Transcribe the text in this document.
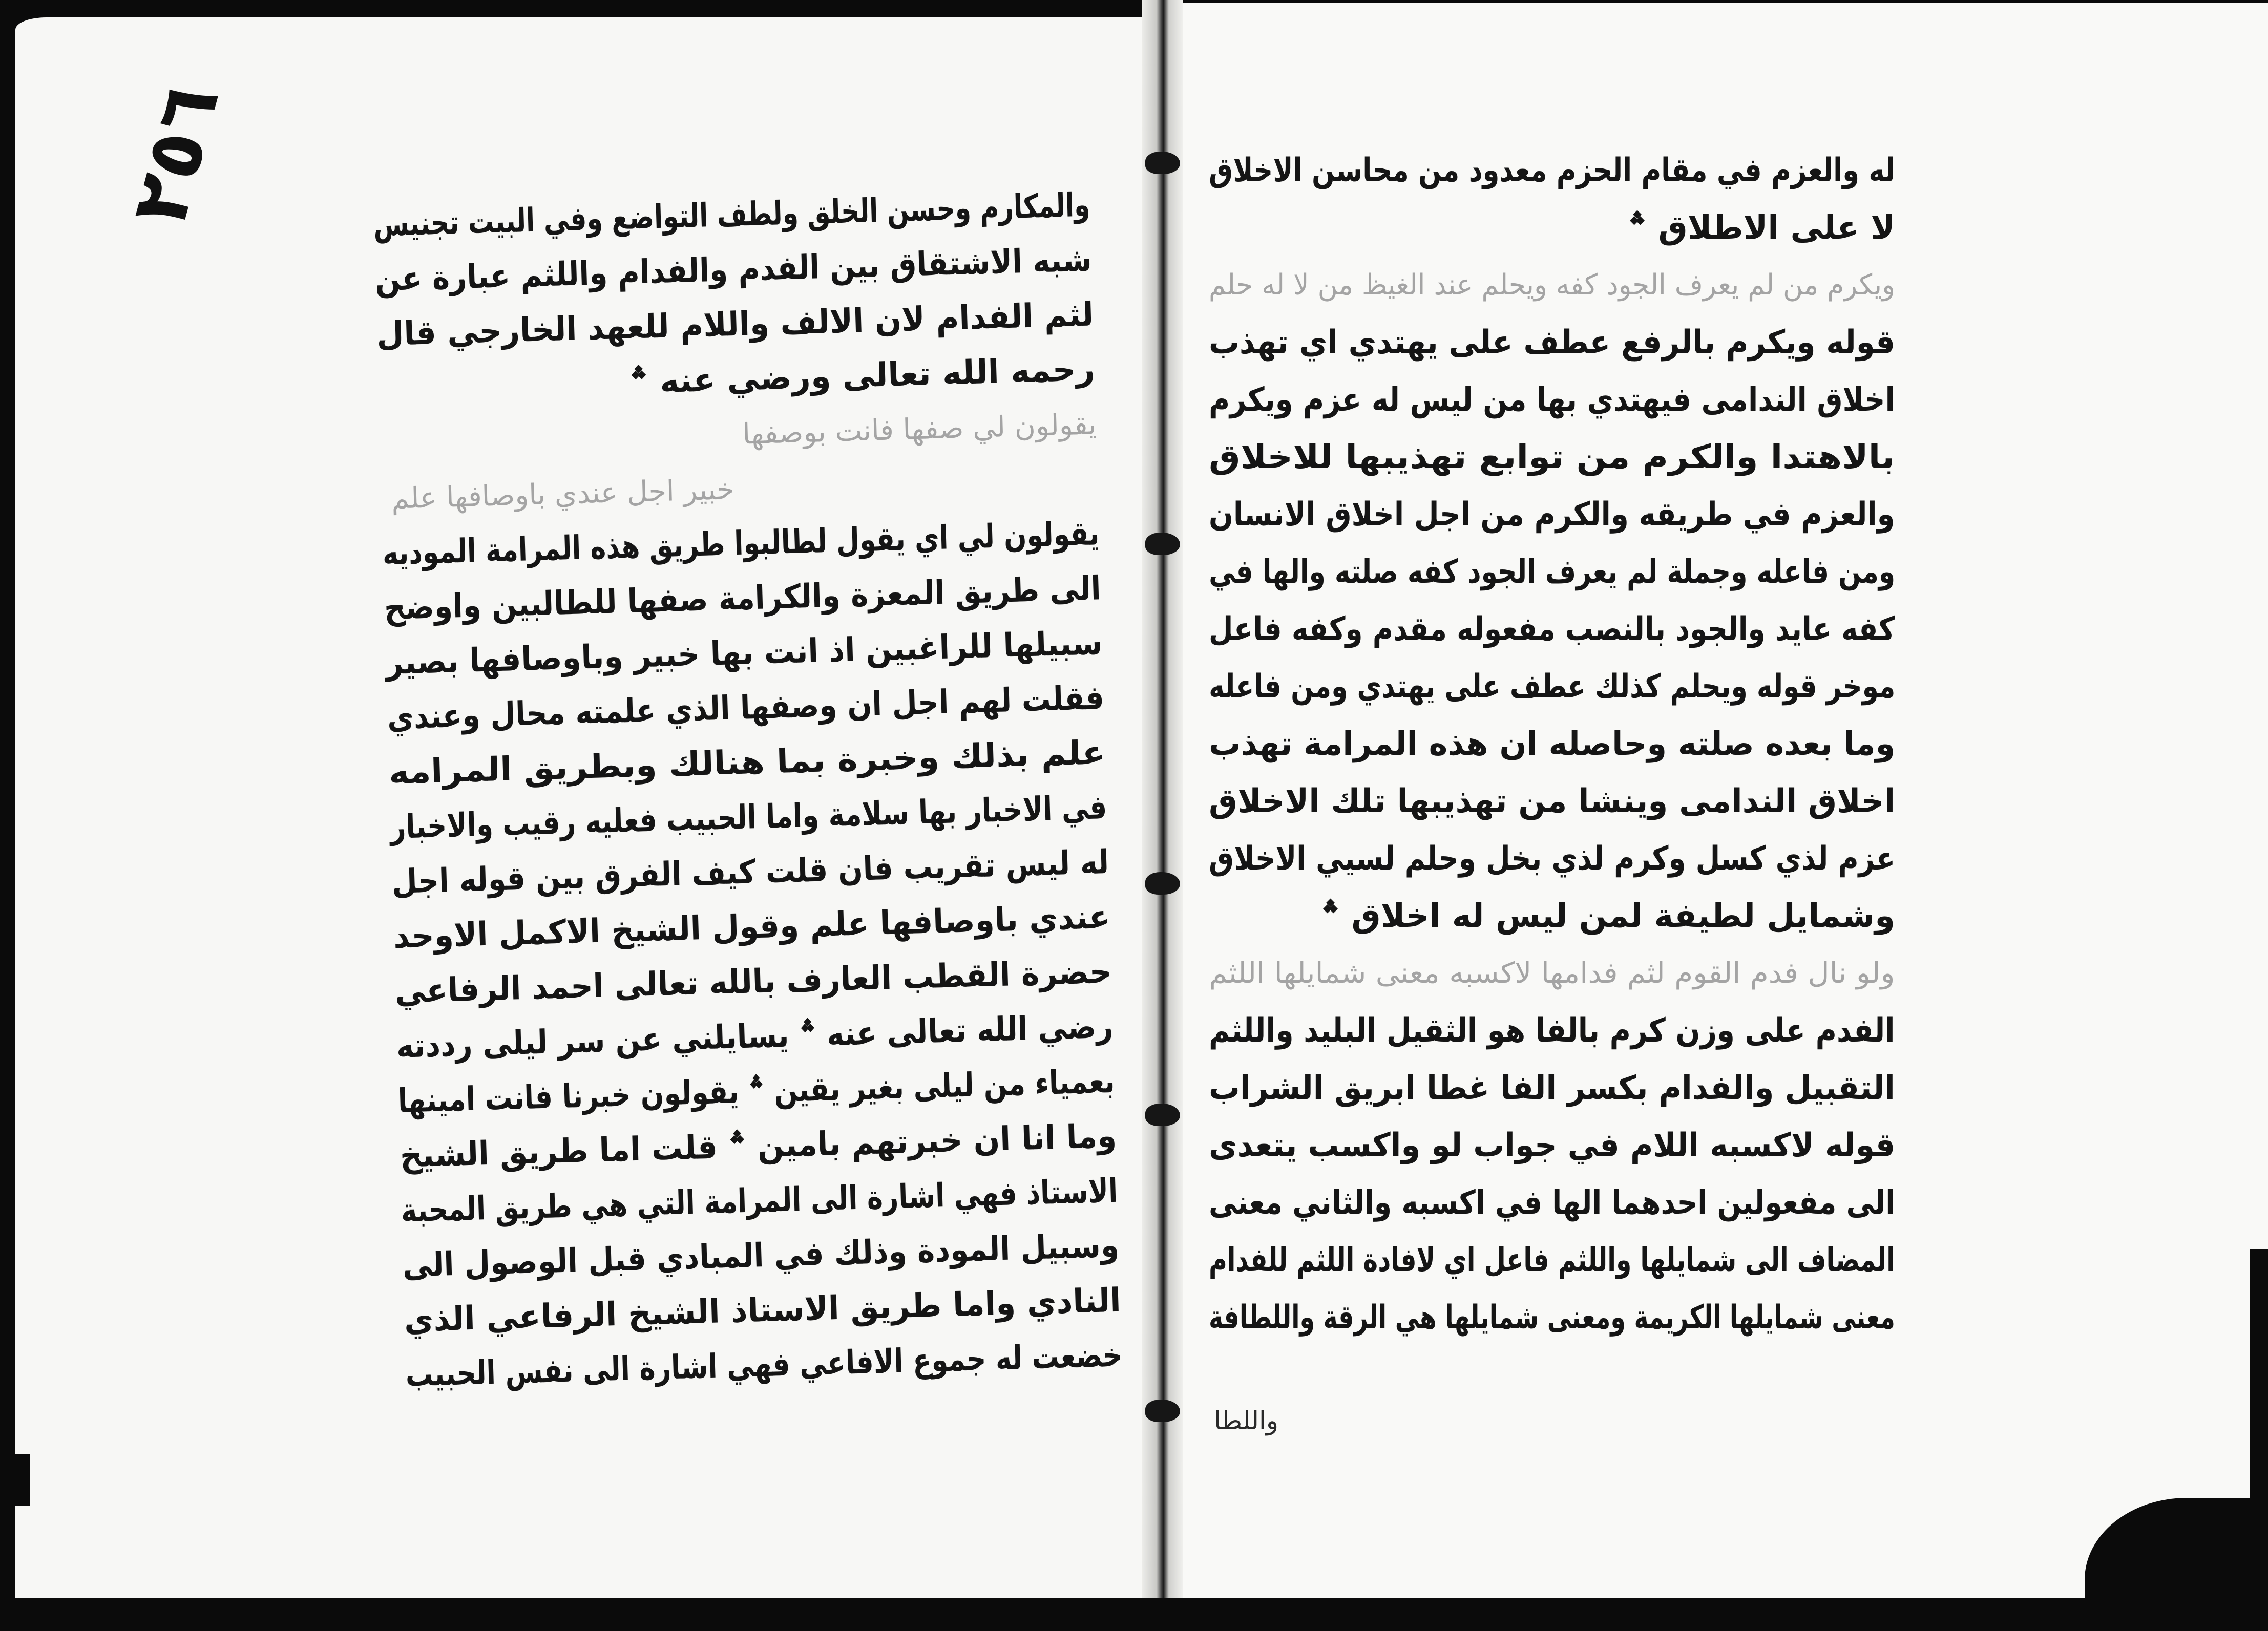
٢٥٦	والمكارم وحسن الخلق ولطف التواضع وفي البيت تجنيس
شبه الاشتقاق بين الفدم والفدام واللثم عبارة عن
لثم الفدام لان الالف واللام للعهد الخارجي قال
رحمه الله تعالى ورضي عنه ؞
يقولون لي صفها فانت بوصفها
خبير اجل عندي باوصافها علم
يقولون لي اي يقول لطالبوا طريق هذه المرامة الموديه
الى طريق المعزة والكرامة صفها للطالبين واوضح
سبيلها للراغبين اذ انت بها خبير وباوصافها بصير
فقلت لهم اجل ان وصفها الذي علمته محال وعندي
علم بذلك وخبرة بما هنالك وبطريق المرامه
في الاخبار بها سلامة واما الحبيب فعليه رقيب والاخبار
له ليس تقريب فان قلت كيف الفرق بين قوله اجل
عندي باوصافها علم وقول الشيخ الاكمل الاوحد
حضرة القطب العارف بالله تعالى احمد الرفاعي
رضي الله تعالى عنه ؞ يسايلني عن سر ليلى رددته
بعمياء من ليلى بغير يقين ؞ يقولون خبرنا فانت امينها
وما انا ان خبرتهم بامين ؞ قلت اما طريق الشيخ
الاستاذ فهي اشارة الى المرامة التي هي طريق المحبة
وسبيل المودة وذلك في المبادي قبل الوصول الى
النادي واما طريق الاستاذ الشيخ الرفاعي الذي
خضعت له جموع الافاعي فهي اشارة الى نفس الحبيب
له والعزم في مقام الحزم معدود من محاسن الاخلاق
لا على الاطلاق ؞
ويكرم من لم يعرف الجود كفه ويحلم عند الغيظ من لا له حلم
قوله ويكرم بالرفع عطف على يهتدي اي تهذب
اخلاق الندامى فيهتدي بها من ليس له عزم ويكرم
بالاهتدا والكرم من توابع تهذيبها للاخلاق
والعزم في طريقه والكرم من اجل اخلاق الانسان
ومن فاعله وجملة لم يعرف الجود كفه صلته والها في
كفه عايد والجود بالنصب مفعوله مقدم وكفه فاعل
موخر قوله ويحلم كذلك عطف على يهتدي ومن فاعله
وما بعده صلته وحاصله ان هذه المرامة تهذب
اخلاق الندامى وينشا من تهذيبها تلك الاخلاق
عزم لذي كسل وكرم لذي بخل وحلم لسيي الاخلاق
وشمايل لطيفة لمن ليس له اخلاق ؞
ولو نال فدم القوم لثم فدامها لاكسبه معنى شمايلها اللثم
الفدم على وزن كرم بالفا هو الثقيل البليد واللثم
التقبيل والفدام بكسر الفا غطا ابريق الشراب
قوله لاكسبه اللام في جواب لو واكسب يتعدى
الى مفعولين احدهما الها في اكسبه والثاني معنى
المضاف الى شمايلها واللثم فاعل اي لافادة اللثم للفدام
معنى شمايلها الكريمة ومعنى شمايلها هي الرقة واللطافة
واللطا
